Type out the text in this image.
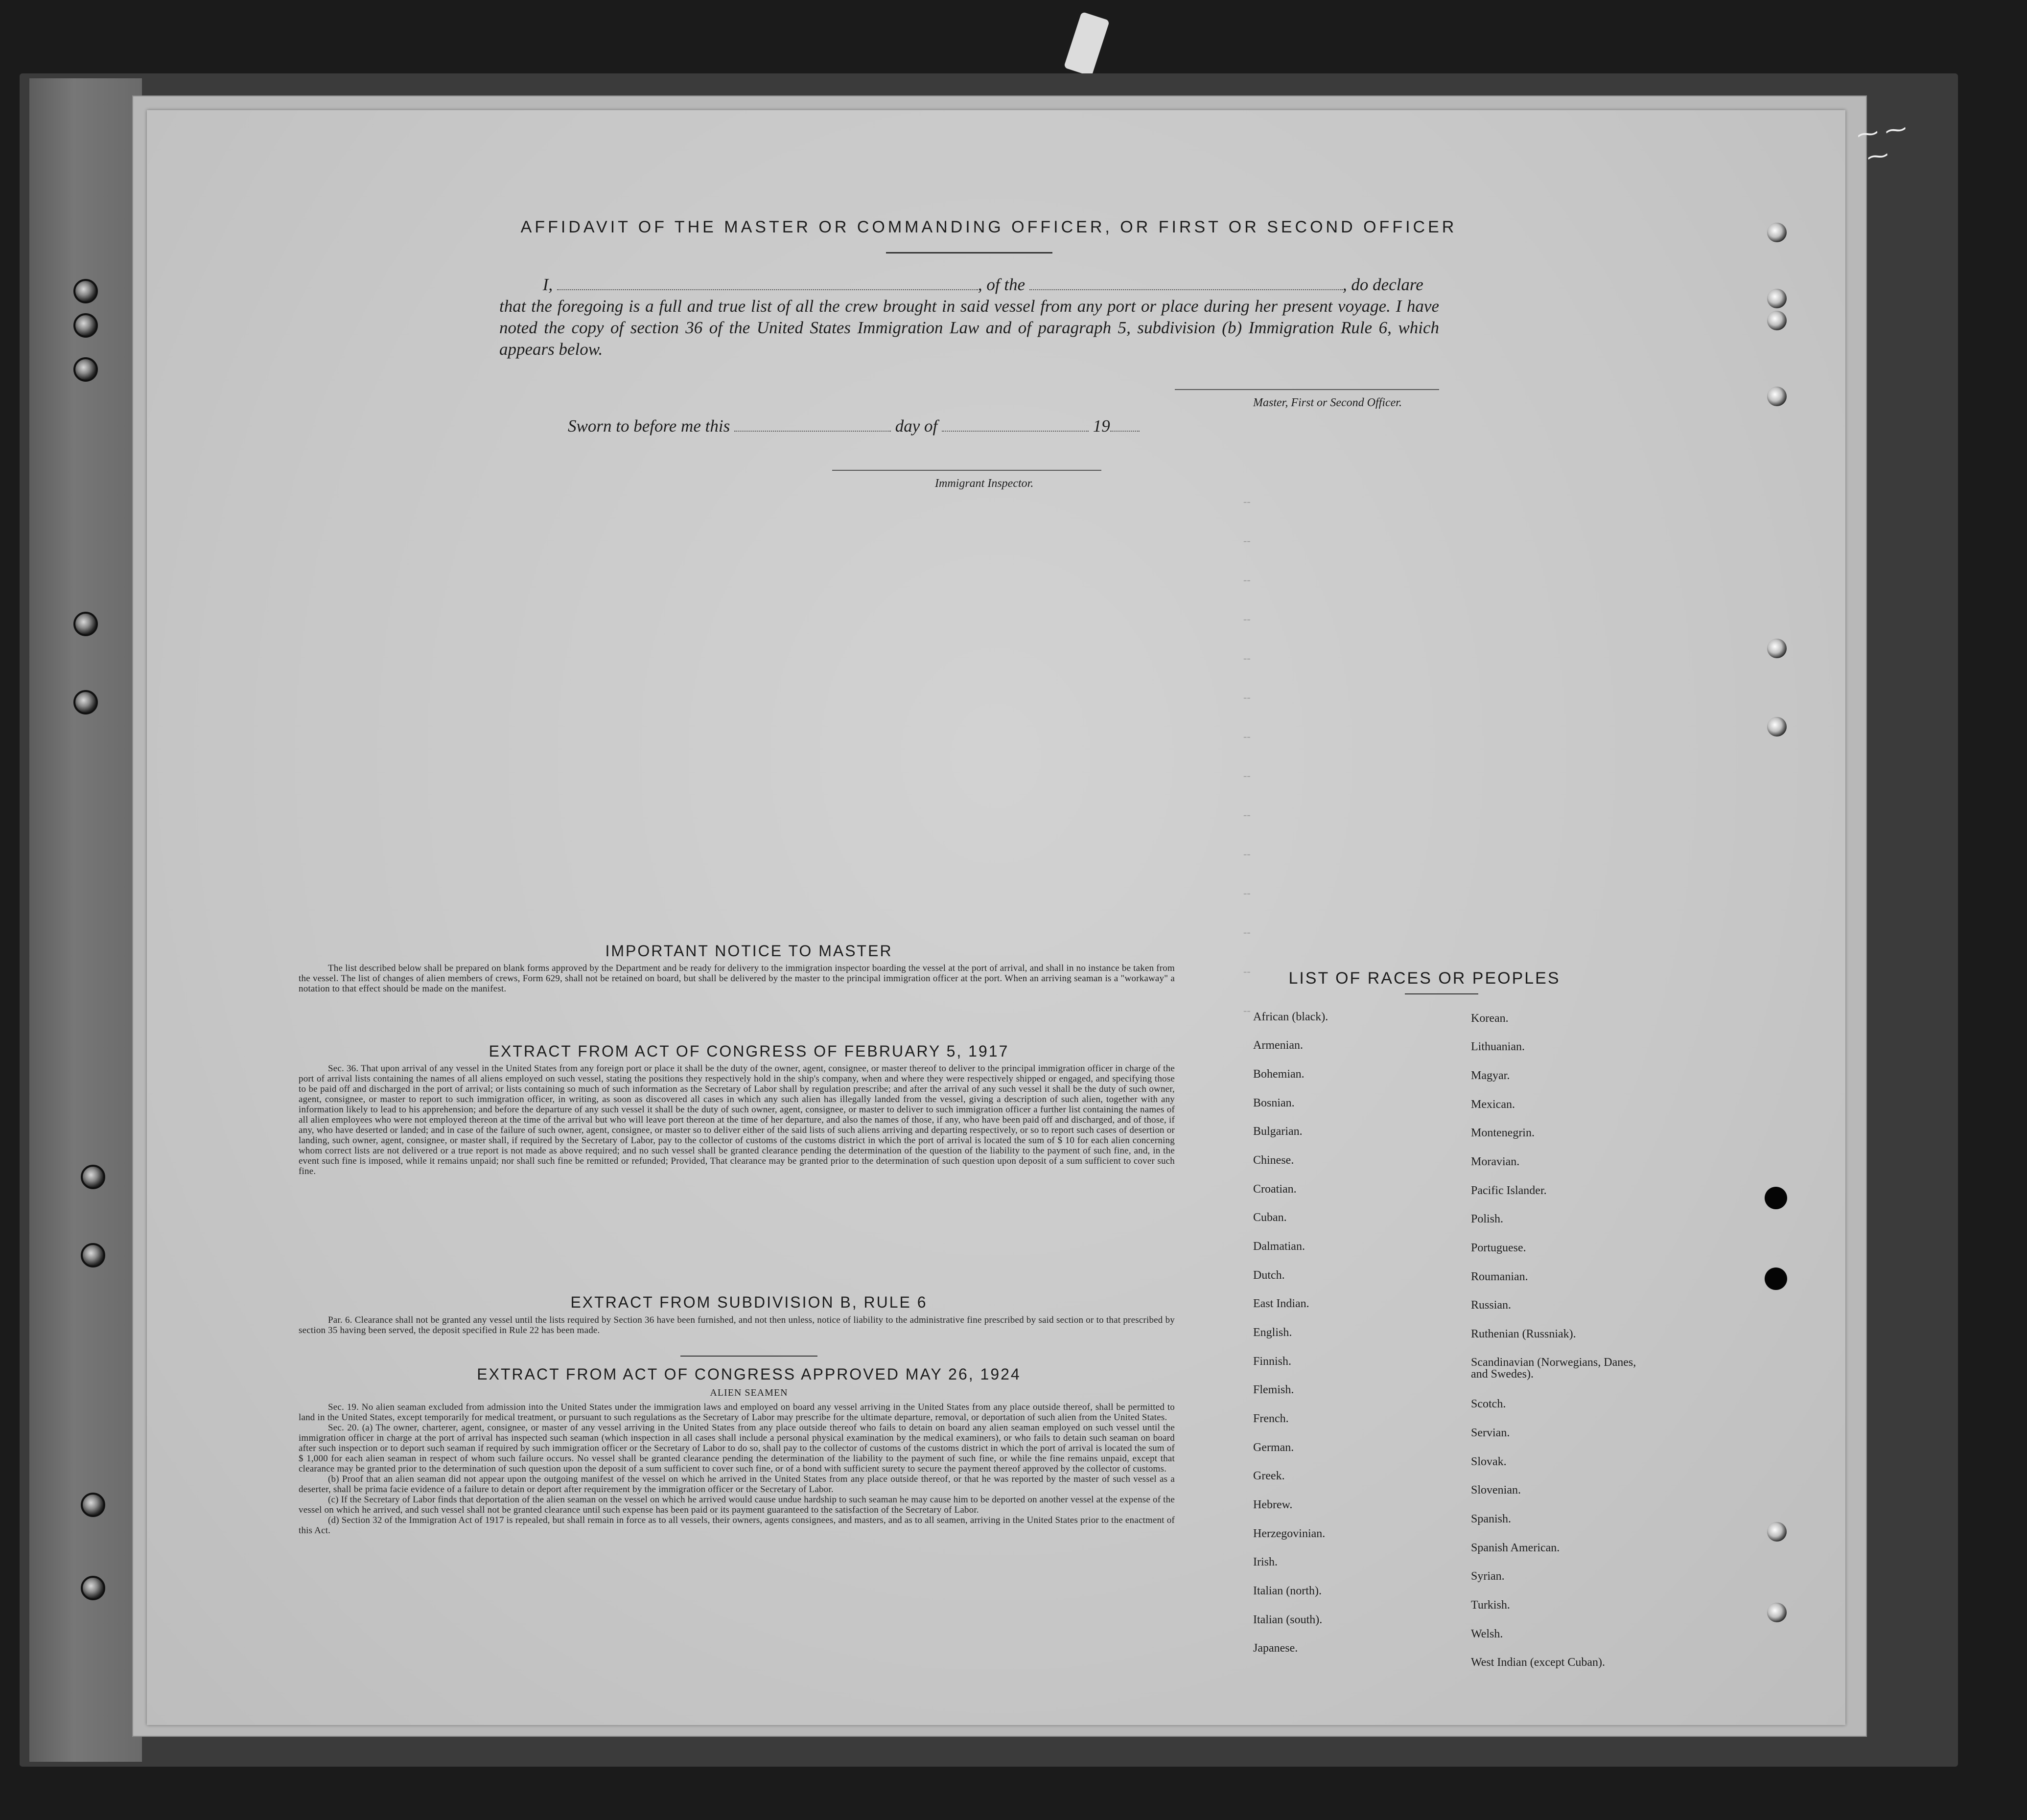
AFFIDAVIT OF THE MASTER OR COMMANDING OFFICER, OR FIRST OR SECOND OFFICER
I,	, of the	, do declare
that the foregoing is a full and true list of all the crew brought in said vessel from any port or place during her present voyage. I have noted the copy of section 36 of the United States Immigration Law and of paragraph 5, subdivision (b) Immigration Rule 6, which appears below.
Master, First or Second Officer.
Sworn to before me this	day of	19
Immigrant Inspector.
--
--
--
--
--
--
--
--
--
--
--
--
--
--
IMPORTANT NOTICE TO MASTER

The list described below shall be prepared on blank forms approved by the Department and be ready for delivery to the immigration inspector boarding the vessel at the port of arrival, and shall in no instance be taken from the vessel. The list of changes of alien members of crews, Form 629, shall not be retained on board, but shall be delivered by the master to the principal immigration officer at the port. When an arriving seaman is a "workaway" a notation to that effect should be made on the manifest.

EXTRACT FROM ACT OF CONGRESS OF FEBRUARY 5, 1917

Sec. 36. That upon arrival of any vessel in the United States from any foreign port or place it shall be the duty of the owner, agent, consignee, or master thereof to deliver to the principal immigration officer in charge of the port of arrival lists containing the names of all aliens employed on such vessel, stating the positions they respectively hold in the ship's company, when and where they were respectively shipped or engaged, and specifying those to be paid off and discharged in the port of arrival; or lists containing so much of such information as the Secretary of Labor shall by regulation prescribe; and after the arrival of any such vessel it shall be the duty of such owner, agent, consignee, or master to report to such immigration officer, in writing, as soon as discovered all cases in which any such alien has illegally landed from the vessel, giving a description of such alien, together with any information likely to lead to his apprehension; and before the departure of any such vessel it shall be the duty of such owner, agent, consignee, or master to deliver to such immigration officer a further list containing the names of all alien employees who were not employed thereon at the time of the arrival but who will leave port thereon at the time of her departure, and also the names of those, if any, who have been paid off and discharged, and of those, if any, who have deserted or landed; and in case of the failure of such owner, agent, consignee, or master so to deliver either of the said lists of such aliens arriving and departing respectively, or so to report such cases of desertion or landing, such owner, agent, consignee, or master shall, if required by the Secretary of Labor, pay to the collector of customs of the customs district in which the port of arrival is located the sum of $ 10 for each alien concerning whom correct lists are not delivered or a true report is not made as above required; and no such vessel shall be granted clearance pending the determination of the question of the liability to the payment of such fine, and, in the event such fine is imposed, while it remains unpaid; nor shall such fine be remitted or refunded; Provided, That clearance may be granted prior to the determination of such question upon deposit of a sum sufficient to cover such fine.

EXTRACT FROM SUBDIVISION B, RULE 6

Par. 6. Clearance shall not be granted any vessel until the lists required by Section 36 have been furnished, and not then unless, notice of liability to the administrative fine prescribed by said section or to that prescribed by section 35 having been served, the deposit specified in Rule 22 has been made.

EXTRACT FROM ACT OF CONGRESS APPROVED MAY 26, 1924
ALIEN SEAMEN

Sec. 19. No alien seaman excluded from admission into the United States under the immigration laws and employed on board any vessel arriving in the United States from any place outside thereof, shall be permitted to land in the United States, except temporarily for medical treatment, or pursuant to such regulations as the Secretary of Labor may prescribe for the ultimate departure, removal, or deportation of such alien from the United States.

Sec. 20. (a) The owner, charterer, agent, consignee, or master of any vessel arriving in the United States from any place outside thereof who fails to detain on board any alien seaman employed on such vessel until the immigration officer in charge at the port of arrival has inspected such seaman (which inspection in all cases shall include a personal physical examination by the medical examiners), or who fails to detain such seaman on board after such inspection or to deport such seaman if required by such immigration officer or the Secretary of Labor to do so, shall pay to the collector of customs of the customs district in which the port of arrival is located the sum of $ 1,000 for each alien seaman in respect of whom such failure occurs. No vessel shall be granted clearance pending the determination of the liability to the payment of such fine, or while the fine remains unpaid, except that clearance may be granted prior to the determination of such question upon the deposit of a sum sufficient to cover such fine, or of a bond with sufficient surety to secure the payment thereof approved by the collector of customs.

(b) Proof that an alien seaman did not appear upon the outgoing manifest of the vessel on which he arrived in the United States from any place outside thereof, or that he was reported by the master of such vessel as a deserter, shall be prima facie evidence of a failure to detain or deport after requirement by the immigration officer or the Secretary of Labor.

(c) If the Secretary of Labor finds that deportation of the alien seaman on the vessel on which he arrived would cause undue hardship to such seaman he may cause him to be deported on another vessel at the expense of the vessel on which he arrived, and such vessel shall not be granted clearance until such expense has been paid or its payment guaranteed to the satisfaction of the Secretary of Labor.

(d) Section 32 of the Immigration Act of 1917 is repealed, but shall remain in force as to all vessels, their owners, agents consignees, and masters, and as to all seamen, arriving in the United States prior to the enactment of this Act.

LIST OF RACES OR PEOPLES
African (black).
Armenian.
Bohemian.
Bosnian.
Bulgarian.
Chinese.
Croatian.
Cuban.
Dalmatian.
Dutch.
East Indian.
English.
Finnish.
Flemish.
French.
German.
Greek.
Hebrew.
Herzegovinian.
Irish.
Italian (north).
Italian (south).
Japanese.
Korean.
Lithuanian.
Magyar.
Mexican.
Montenegrin.
Moravian.
Pacific Islander.
Polish.
Portuguese.
Roumanian.
Russian.
Ruthenian (Russniak).
Scandinavian (Norwegians, Danes, and Swedes).
Scotch.
Servian.
Slovak.
Slovenian.
Spanish.
Spanish American.
Syrian.
Turkish.
Welsh.
West Indian (except Cuban).
⁓ ⁓
⁓
